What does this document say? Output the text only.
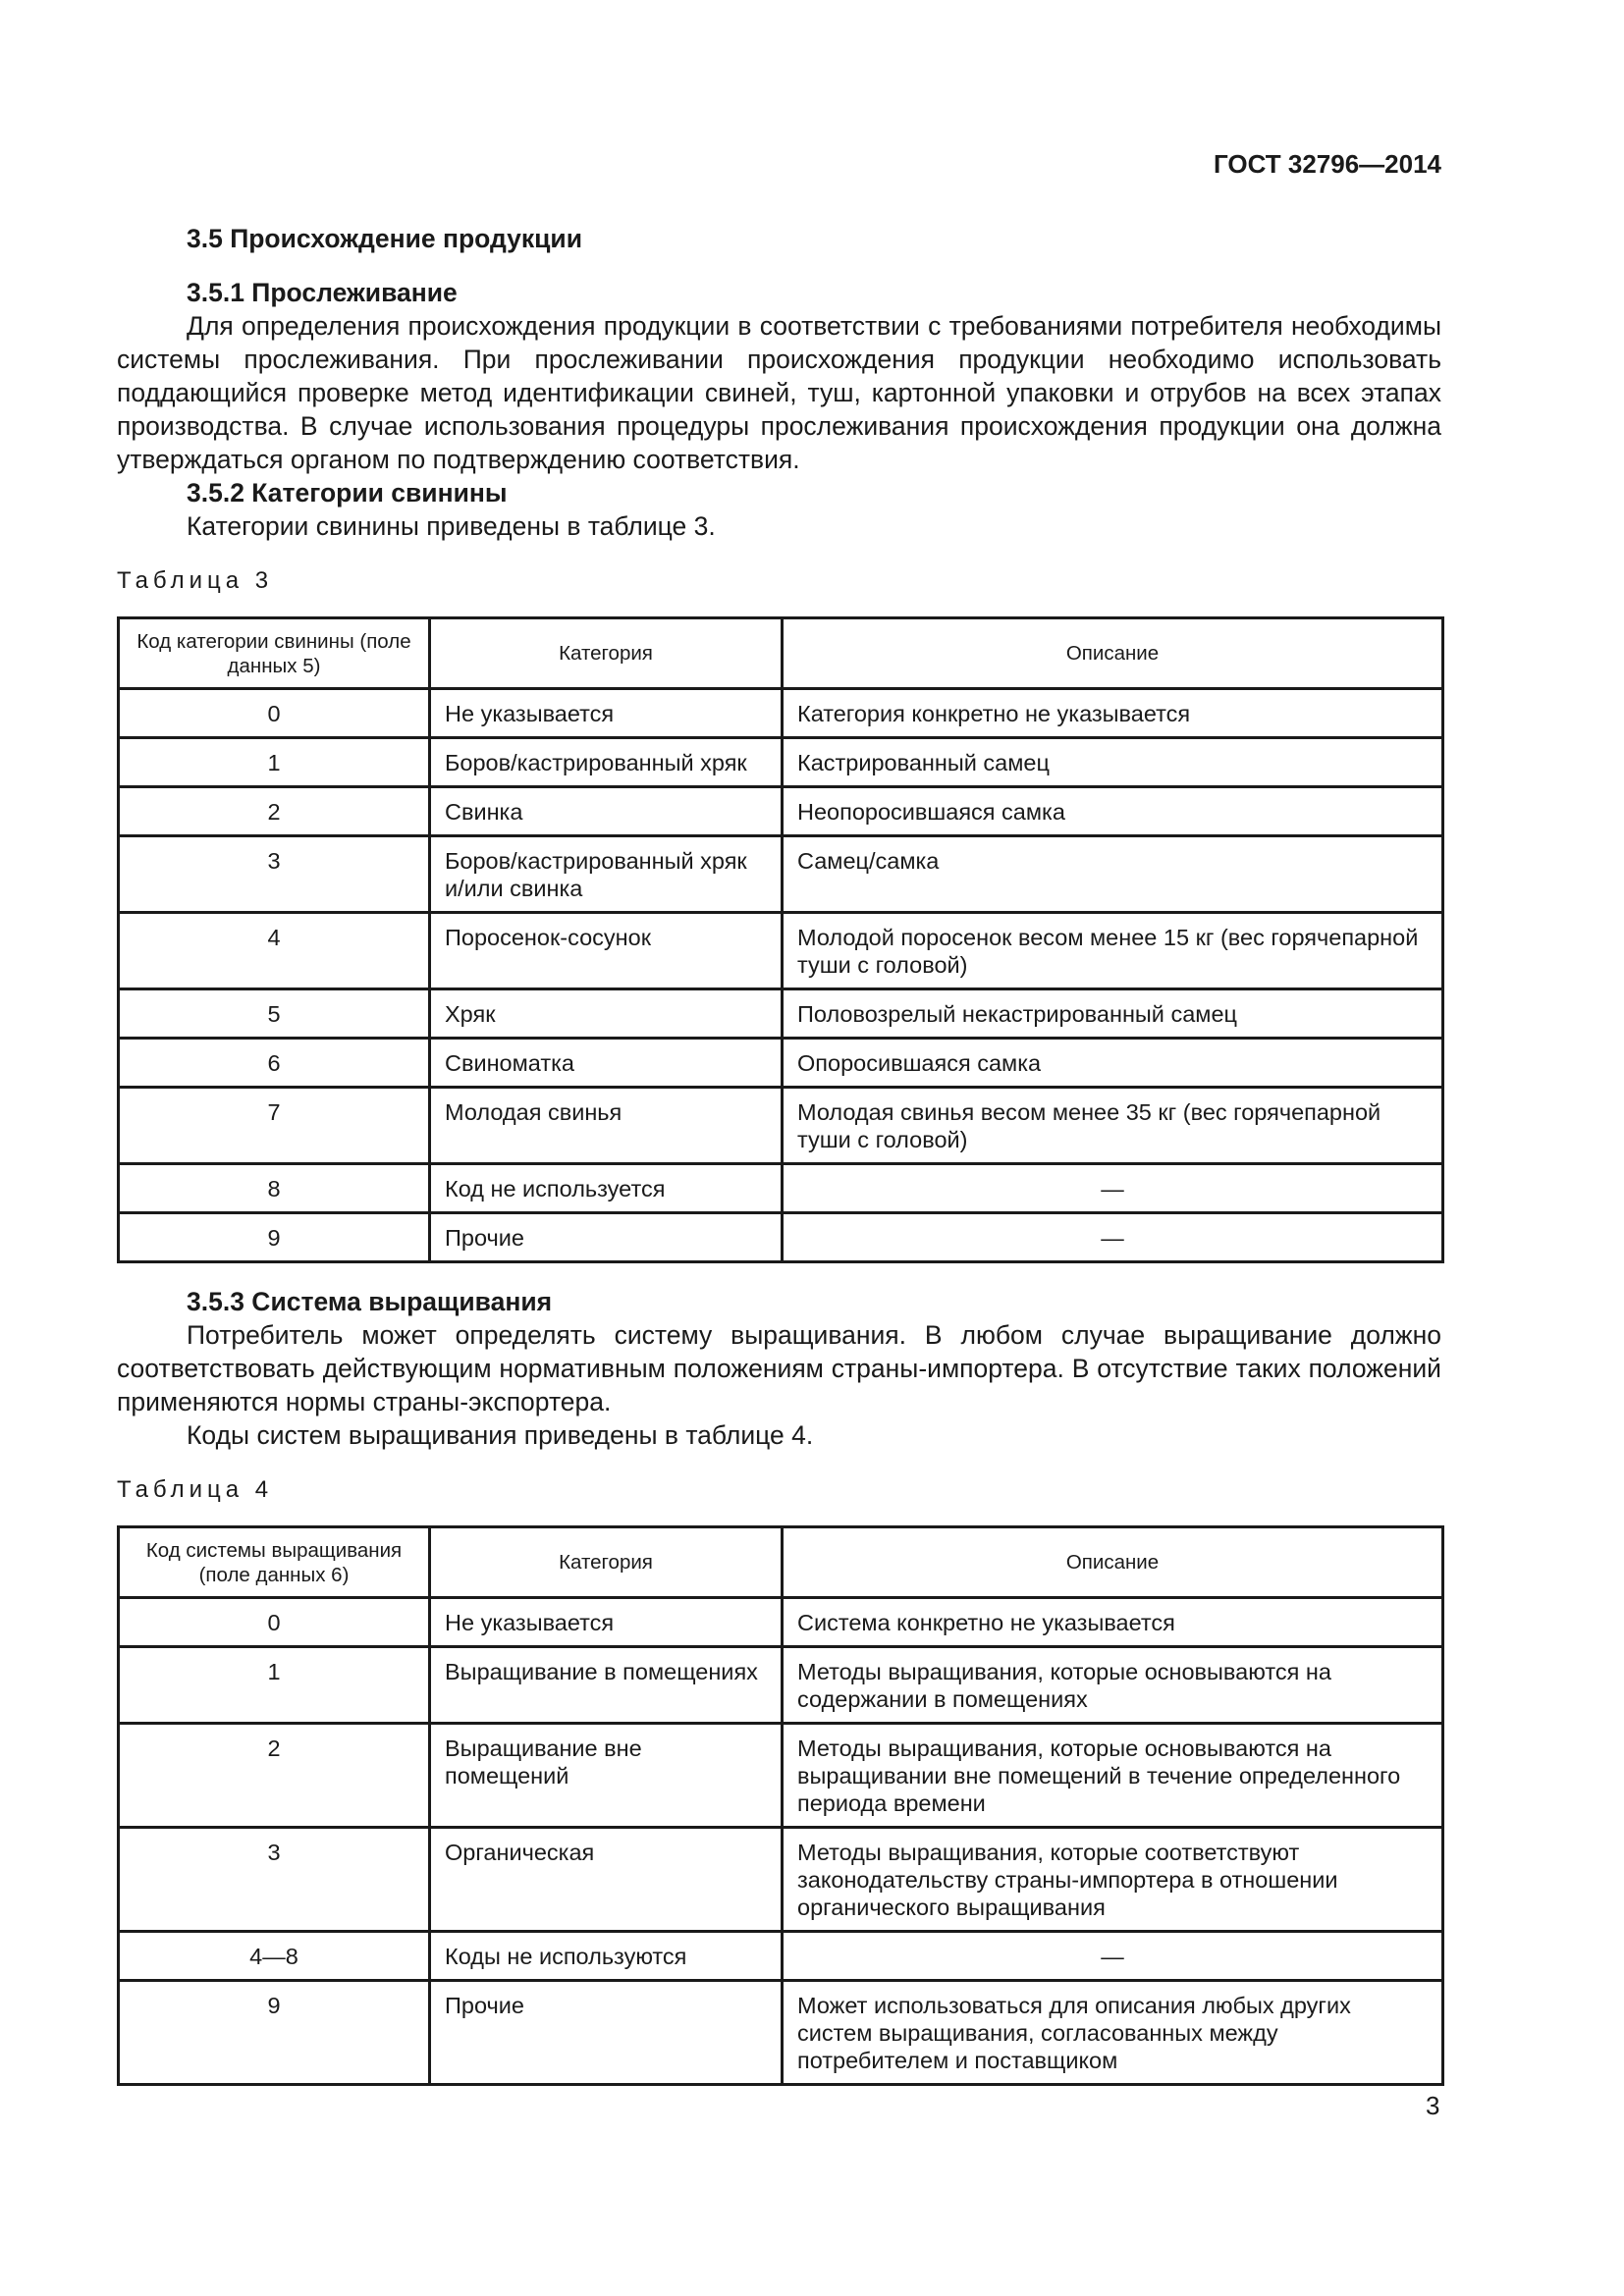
ГОСТ 32796—2014

3.5 Происхождение продукции

3.5.1 Прослеживание

Для определения происхождения продукции в соответствии с требованиями потребителя необходимы системы прослеживания. При прослеживании происхождения продукции необходимо использовать поддающийся проверке метод идентификации свиней, туш, картонной упаковки и отрубов на всех этапах производства. В случае использования процедуры прослеживания происхождения продукции она должна утверждаться органом по подтверждению соответствия.

3.5.2 Категории свинины

Категории свинины приведены в таблице 3.

Таблица 3

Код категории свинины (поле данных 5)	Категория	Описание
0	Не указывается	Категория конкретно не указывается
1	Боров/кастрированный хряк	Кастрированный самец
2	Свинка	Неопоросившаяся самка
3	Боров/кастрированный хряк и/или свинка	Самец/самка
4	Поросенок-сосунок	Молодой поросенок весом менее 15 кг (вес горячепарной туши с головой)
5	Хряк	Половозрелый некастрированный самец
6	Свиноматка	Опоросившаяся самка
7	Молодая свинья	Молодая свинья весом менее 35 кг (вес горячепарной туши с головой)
8	Код не используется	—
9	Прочие	—

3.5.3 Система выращивания

Потребитель может определять систему выращивания. В любом случае выращивание должно соответствовать действующим нормативным положениям страны-импортера. В отсутствие таких положений применяются нормы страны-экспортера.

Коды систем выращивания приведены в таблице 4.

Таблица 4

Код системы выращивания (поле данных 6)	Категория	Описание
0	Не указывается	Система конкретно не указывается
1	Выращивание в помещениях	Методы выращивания, которые основываются на содержании в помещениях
2	Выращивание вне помещений	Методы выращивания, которые основываются на выращивании вне помещений в течение определенного периода времени
3	Органическая	Методы выращивания, которые соответствуют законодательству страны-импортера в отношении органического выращивания
4—8	Коды не используются	—
9	Прочие	Может использоваться для описания любых других систем выращивания, согласованных между потребителем и поставщиком
3
